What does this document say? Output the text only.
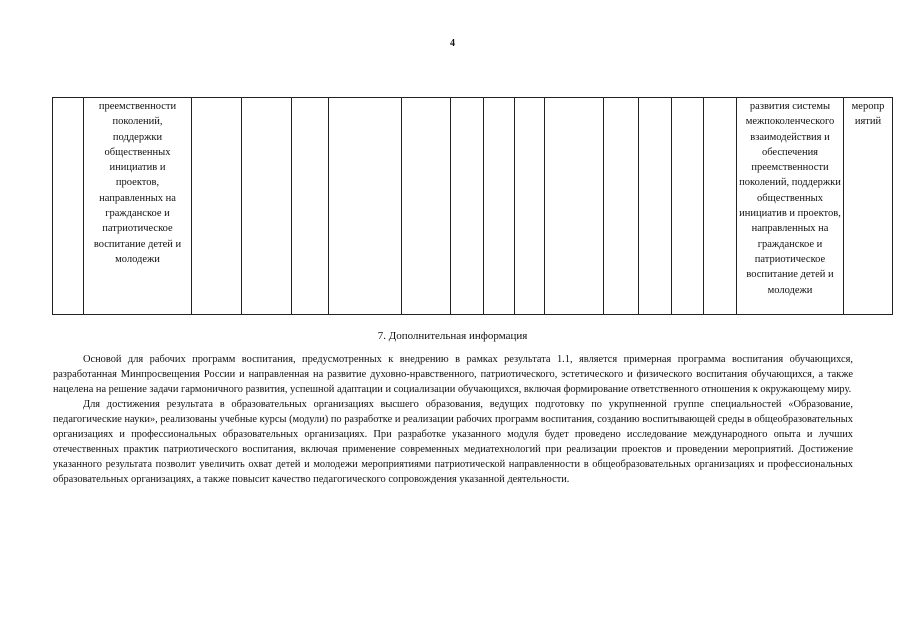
4
	преемственности поколений, поддержки общественных инициатив и проектов, направленных на гражданское и патриотическое воспитание детей и молодежи														развития системы межпоколенческого взаимодействия и обеспечения преемственности поколений, поддержки общественных инициатив и проектов, направленных на гражданское и патриотическое воспитание детей и молодежи	мероприятий
7. Дополнительная информация

Основой для рабочих программ воспитания, предусмотренных к внедрению в рамках результата 1.1, является примерная программа воспитания обучающихся, разработанная Минпросвещения России и направленная на развитие духовно-нравственного, патриотического, эстетического и физического воспитания обучающихся, а также нацелена на решение задачи гармоничного развития, успешной адаптации и социализации обучающихся, включая формирование ответственного отношения к окружающему миру.

Для достижения результата в образовательных организациях высшего образования, ведущих подготовку по укрупненной группе специальностей «Образование, педагогические науки», реализованы учебные курсы (модули) по разработке и реализации рабочих программ воспитания, созданию воспитывающей среды в общеобразовательных организациях и профессиональных образовательных организациях. При разработке указанного модуля будет проведено исследование международного опыта и лучших отечественных практик патриотического воспитания, включая применение современных медиатехнологий при реализации проектов и проведении мероприятий. Достижение указанного результата позволит увеличить охват детей и молодежи мероприятиями патриотической направленности в общеобразовательных организациях и профессиональных образовательных организациях, а также повысит качество педагогического сопровождения указанной деятельности.
